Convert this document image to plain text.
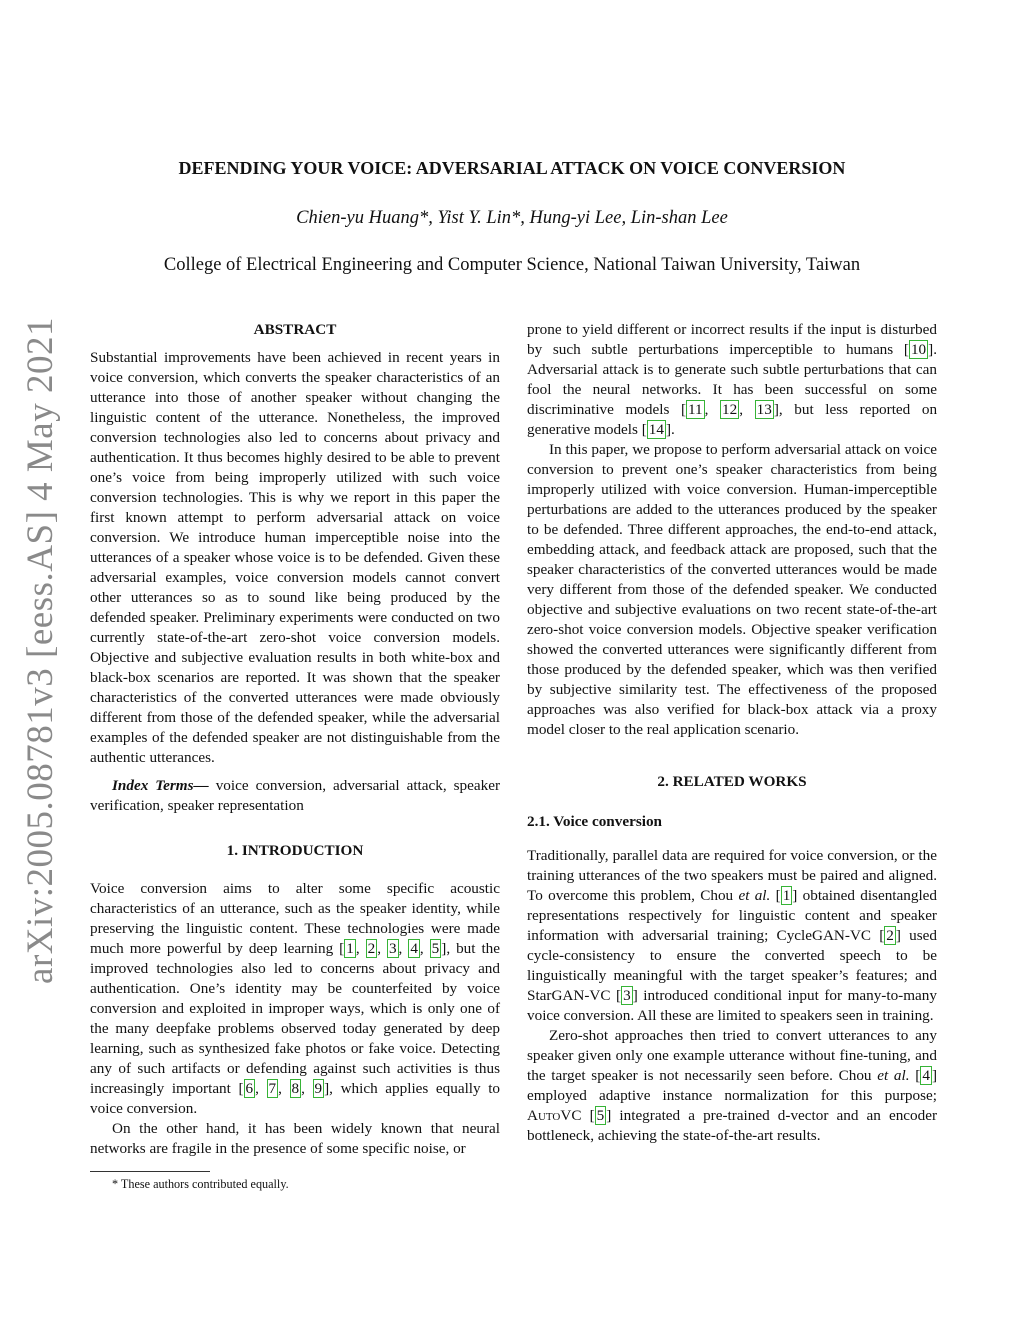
arXiv:2005.08781v3 [eess.AS] 4 May 2021
DEFENDING YOUR VOICE: ADVERSARIAL ATTACK ON VOICE CONVERSION
Chien-yu Huang*, Yist Y. Lin*, Hung-yi Lee, Lin-shan Lee
College of Electrical Engineering and Computer Science, National Taiwan University, Taiwan
ABSTRACT

Substantial improvements have been achieved in recent years in voice conversion, which converts the speaker characteristics of an utterance into those of another speaker without changing the linguistic content of the utterance. Nonetheless, the improved conversion technologies also led to concerns about privacy and authentication. It thus becomes highly desired to be able to prevent one’s voice from being improperly utilized with such voice conversion technologies. This is why we report in this paper the first known attempt to perform adversarial attack on voice conversion. We introduce human imperceptible noise into the utterances of a speaker whose voice is to be defended. Given these adversarial examples, voice conversion models cannot convert other utterances so as to sound like being produced by the defended speaker. Preliminary experiments were conducted on two currently state-of-the-art zero-shot voice conversion models. Objective and subjective evaluation results in both white-box and black-box scenarios are reported. It was shown that the speaker characteristics of the converted utterances were made obviously different from those of the defended speaker, while the adversarial examples of the defended speaker are not distinguishable from the authentic utterances.

Index Terms— voice conversion, adversarial attack, speaker verification, speaker representation

1. INTRODUCTION

Voice conversion aims to alter some specific acoustic characteristics of an utterance, such as the speaker identity, while preserving the linguistic content. These technologies were made much more powerful by deep learning [ 1 , 2 , 3 , 4 , 5 ], but the improved technologies also led to concerns about privacy and authentication. One’s identity may be counterfeited by voice conversion and exploited in improper ways, which is only one of the many deepfake problems observed today generated by deep learning, such as synthesized fake photos or fake voice. Detecting any of such artifacts or defending against such activities is thus increasingly important [ 6 , 7 , 8 , 9 ], which applies equally to voice conversion.

On the other hand, it has been widely known that neural networks are fragile in the presence of some specific noise, or

* These authors contributed equally.

prone to yield different or incorrect results if the input is disturbed by such subtle perturbations imperceptible to humans [ 10 ]. Adversarial attack is to generate such subtle perturbations that can fool the neural networks. It has been successful on some discriminative models [ 11 , 12 , 13 ], but less reported on generative models [ 14 ].

In this paper, we propose to perform adversarial attack on voice conversion to prevent one’s speaker characteristics from being improperly utilized with voice conversion. Human-imperceptible perturbations are added to the utterances produced by the speaker to be defended. Three different approaches, the end-to-end attack, embedding attack, and feedback attack are proposed, such that the speaker characteristics of the converted utterances would be made very different from those of the defended speaker. We conducted objective and subjective evaluations on two recent state-of-the-art zero-shot voice conversion models. Objective speaker verification showed the converted utterances were significantly different from those produced by the defended speaker, which was then verified by subjective similarity test. The effectiveness of the proposed approaches was also verified for black-box attack via a proxy model closer to the real application scenario.

2. RELATED WORKS
2.1. Voice conversion

Traditionally, parallel data are required for voice conversion, or the training utterances of the two speakers must be paired and aligned. To overcome this problem, Chou et al. [ 1 ] obtained disentangled representations respectively for linguistic content and speaker information with adversarial training; CycleGAN-VC [ 2 ] used cycle-consistency to ensure the converted speech to be linguistically meaningful with the target speaker’s features; and StarGAN-VC [ 3 ] introduced conditional input for many-to-many voice conversion. All these are limited to speakers seen in training.

Zero-shot approaches then tried to convert utterances to any speaker given only one example utterance without fine-tuning, and the target speaker is not necessarily seen before. Chou et al. [ 4 ] employed adaptive instance normalization for this purpose; AutoVC [ 5 ] integrated a pre-trained d-vector and an encoder bottleneck, achieving the state-of-the-art results.
